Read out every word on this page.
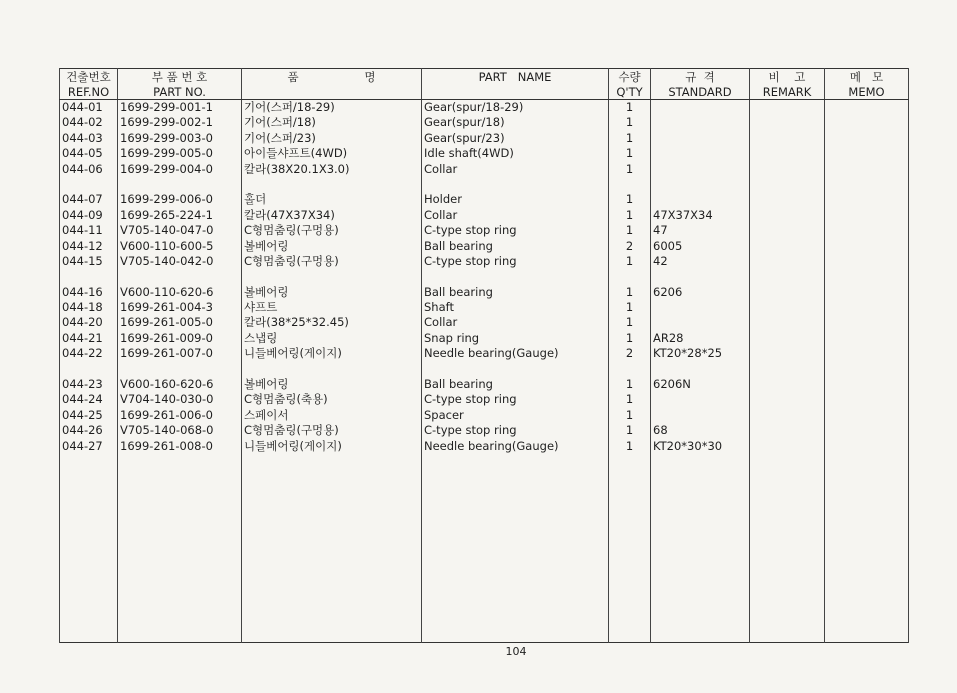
건출번호	부 품 번 호	품                  명	PART   NAME	수량	규  격	비    고	메   모
REF.NO	PART NO.			Q'TY	STANDARD	REMARK	MEMO
044-01	1699-299-001-1	기어(스퍼/18-29)	Gear(spur/18-29)	1			
044-02	1699-299-002-1	기어(스퍼/18)	Gear(spur/18)	1			
044-03	1699-299-003-0	기어(스퍼/23)	Gear(spur/23)	1			
044-05	1699-299-005-0	아이들샤프트(4WD)	Idle shaft(4WD)	1			
044-06	1699-299-004-0	칼라(38X20.1X3.0)	Collar	1			

044-07	1699-299-006-0	홀더	Holder	1			
044-09	1699-265-224-1	칼라(47X37X34)	Collar	1	47X37X34		
044-11	V705-140-047-0	C형멈춤링(구멍용)	C-type stop ring	1	47		
044-12	V600-110-600-5	볼베어링	Ball bearing	2	6005		
044-15	V705-140-042-0	C형멈춤링(구멍용)	C-type stop ring	1	42		

044-16	V600-110-620-6	볼베어링	Ball bearing	1	6206		
044-18	1699-261-004-3	샤프트	Shaft	1			
044-20	1699-261-005-0	칼라(38*25*32.45)	Collar	1			
044-21	1699-261-009-0	스냅링	Snap ring	1	AR28		
044-22	1699-261-007-0	니들베어링(게이지)	Needle bearing(Gauge)	2	KT20*28*25		

044-23	V600-160-620-6	볼베어링	Ball bearing	1	6206N		
044-24	V704-140-030-0	C형멈춤링(축용)	C-type stop ring	1			
044-25	1699-261-006-0	스페이서	Spacer	1			
044-26	V705-140-068-0	C형멈춤링(구멍용)	C-type stop ring	1	68		
044-27	1699-261-008-0	니들베어링(게이지)	Needle bearing(Gauge)	1	KT20*30*30		

104
